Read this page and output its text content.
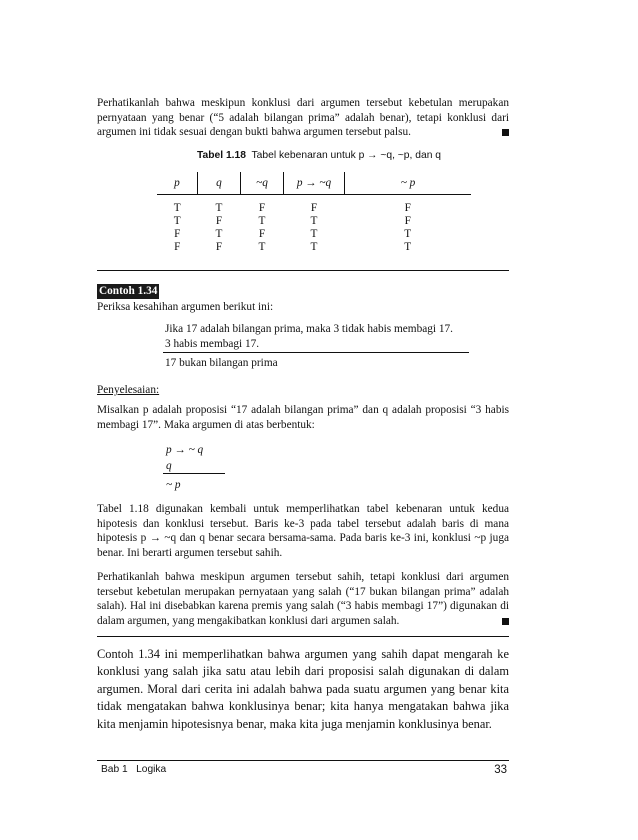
Perhatikanlah bahwa meskipun konklusi dari argumen tersebut kebetulan merupakan pernyataan yang benar (“5 adalah bilangan prima” adalah benar), tetapi konklusi dari argumen ini tidak sesuai dengan bukti bahwa argumen tersebut palsu.

Tabel 1.18 Tabel kebenaran untuk p → ~q, ~p, dan q
p	q	~q	p → ~q	~ p
T	T	F	F	F
T	F	T	T	F
F	T	F	T	T
F	F	T	T	T
Contoh 1.34
Periksa kesahihan argumen berikut ini:
Jika 17 adalah bilangan prima, maka 3 tidak habis membagi 17.
3 habis membagi 17.
17 bukan bilangan prima
Penyelesaian:

Misalkan p adalah proposisi “17 adalah bilangan prima” dan q adalah proposisi “3 habis membagi 17”. Maka argumen di atas berbentuk:

p → ~ q
q
~ p

Tabel 1.18 digunakan kembali untuk memperlihatkan tabel kebenaran untuk kedua hipotesis dan konklusi tersebut. Baris ke-3 pada tabel tersebut adalah baris di mana hipotesis p → ~q dan q benar secara bersama-sama. Pada baris ke-3 ini, konklusi ~p juga benar. Ini berarti argumen tersebut sahih.

Perhatikanlah bahwa meskipun argumen tersebut sahih, tetapi konklusi dari argumen tersebut kebetulan merupakan pernyataan yang salah (“17 bukan bilangan prima” adalah salah). Hal ini disebabkan karena premis yang salah (“3 habis membagi 17”) digunakan di dalam argumen, yang mengakibatkan konklusi dari argumen salah.

Contoh 1.34 ini memperlihatkan bahwa argumen yang sahih dapat mengarah ke konklusi yang salah jika satu atau lebih dari proposisi salah digunakan di dalam argumen. Moral dari cerita ini adalah bahwa pada suatu argumen yang benar kita tidak mengatakan bahwa konklusinya benar; kita hanya mengatakan bahwa jika kita menjamin hipotesisnya benar, maka kita juga menjamin konklusinya benar.

Bab 1   Logika	33
